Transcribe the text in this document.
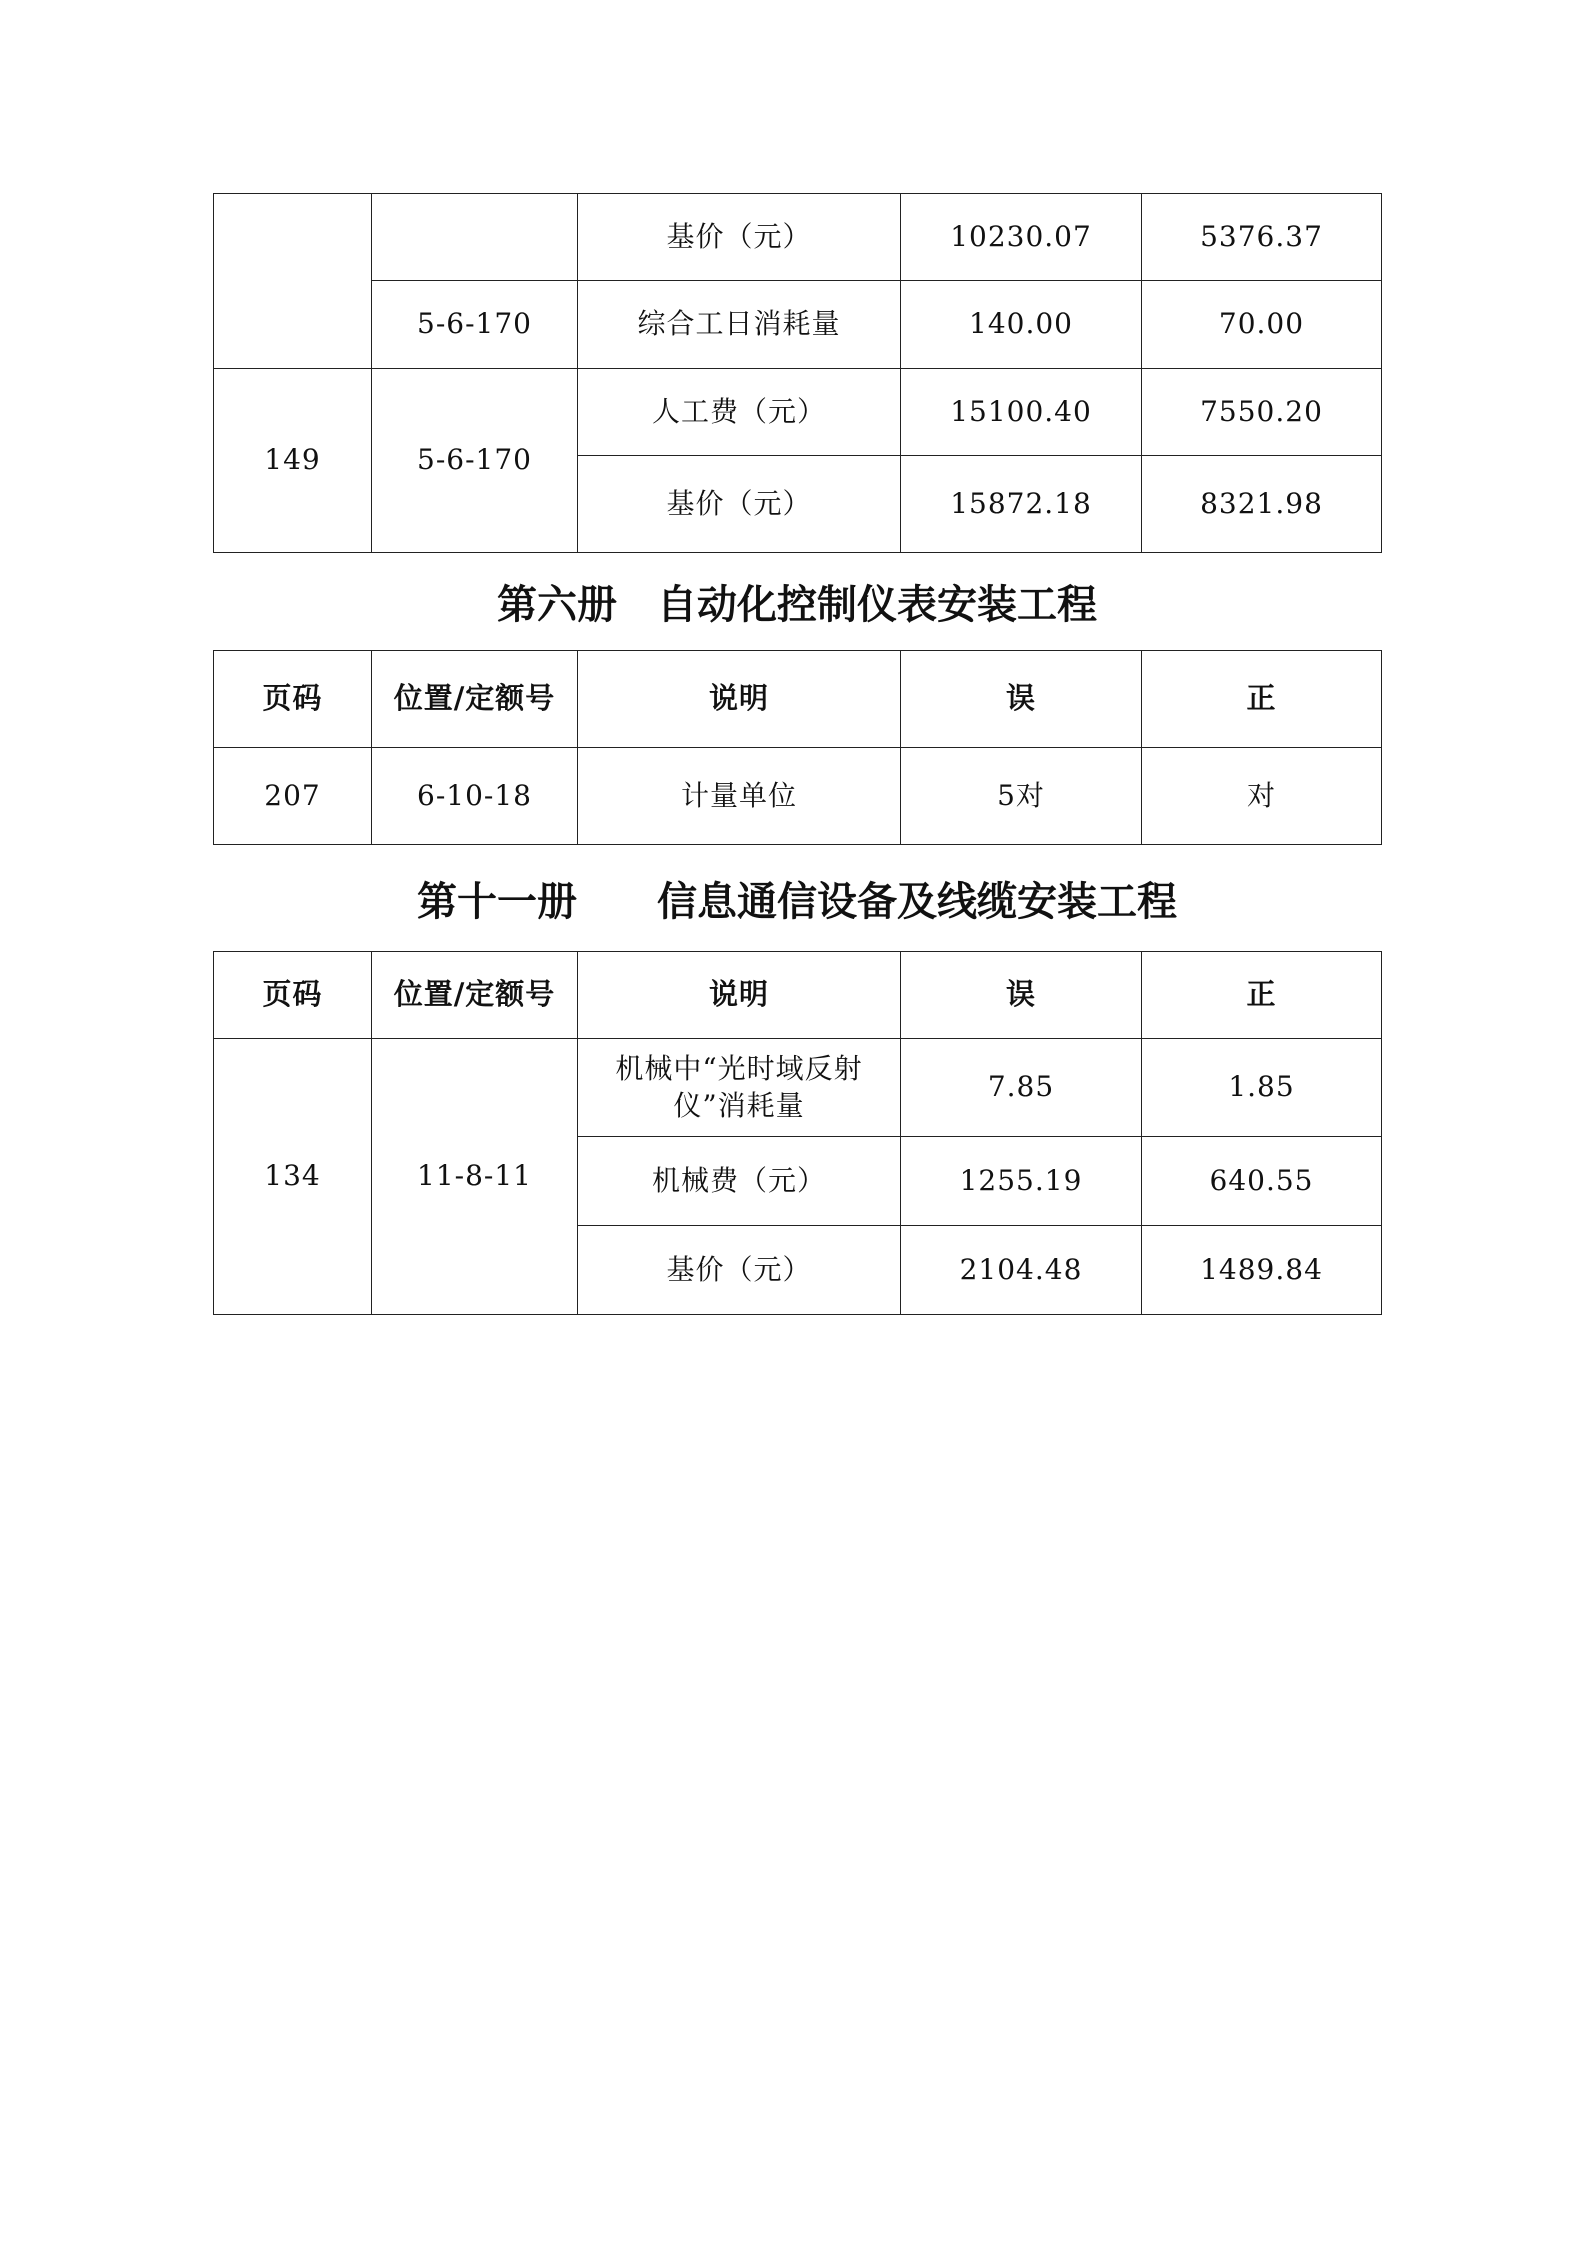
		基价（元）	10230.07	5376.37
	5-6-170	综合工日消耗量	140.00	70.00
149	5-6-170	人工费（元）	15100.40	7550.20
		基价（元）	15872.18	8321.98
第六册　自动化控制仪表安装工程
页码	位置/定额号	说明	误	正
207	6-10-18	计量单位	5对	对
第十一册　　信息通信设备及线缆安装工程
页码	位置/定额号	说明	误	正
134	11-8-11	机械中“光时域反射仪”消耗量	7.85	1.85
		机械费（元）	1255.19	640.55
		基价（元）	2104.48	1489.84
